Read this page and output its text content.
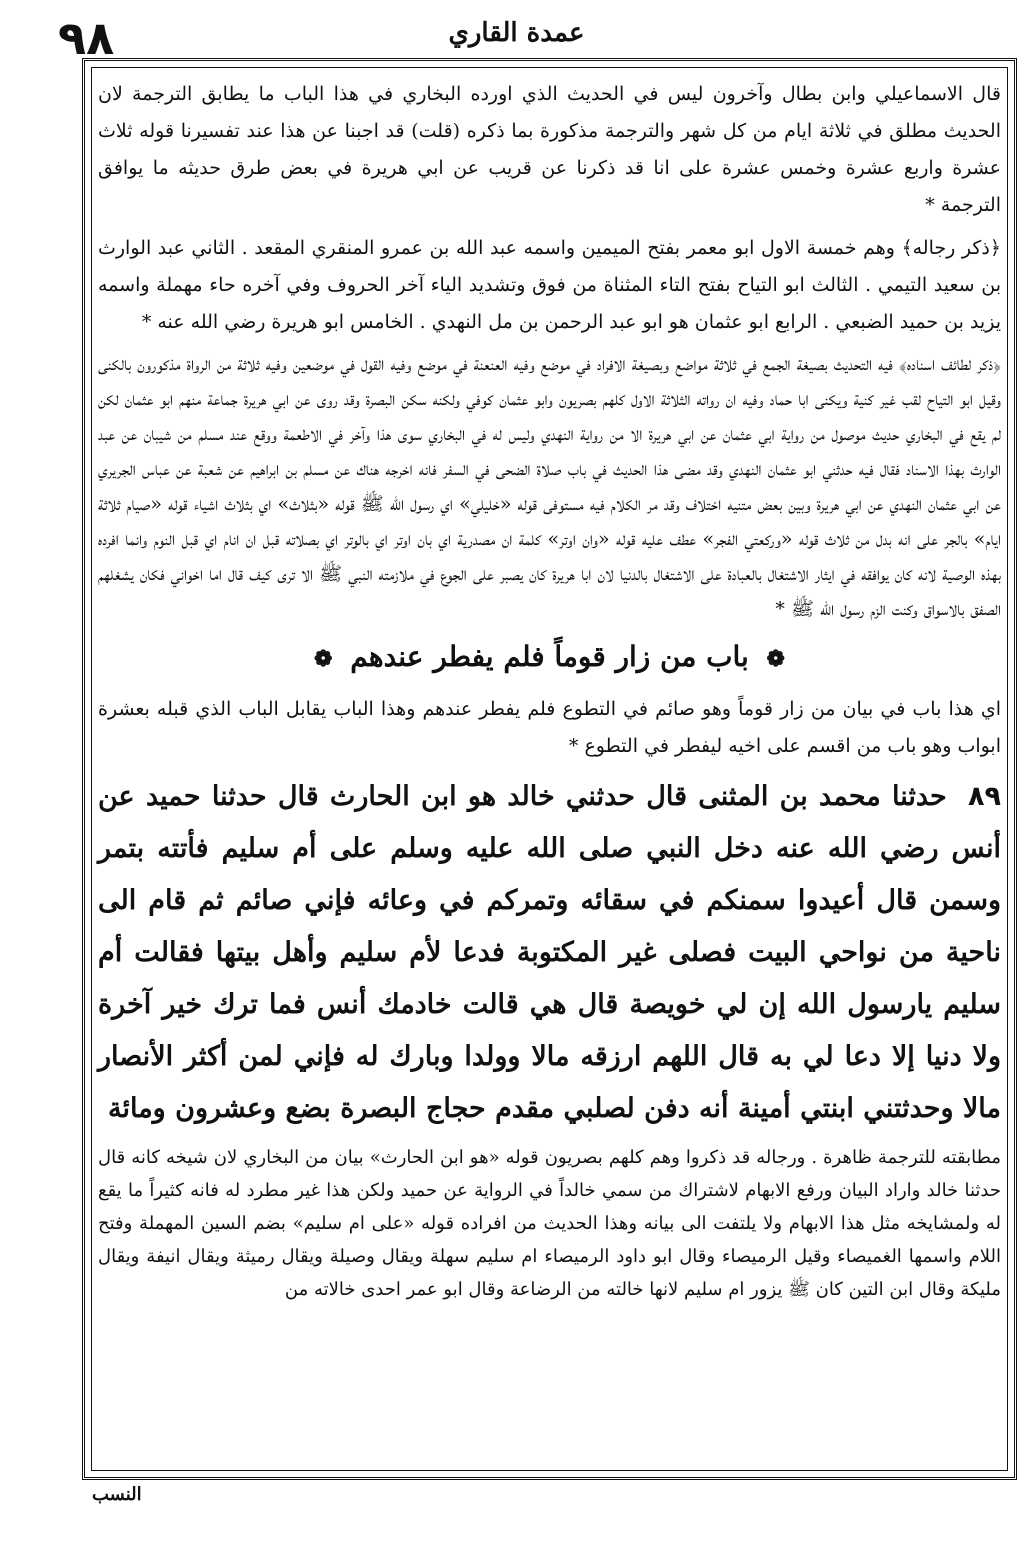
٩٨	عمدة القاري

قال الاسماعيلي وابن بطال وآخرون ليس في الحديث الذي اورده البخاري في هذا الباب ما يطابق الترجمة لان الحديث مطلق في ثلاثة ايام من كل شهر والترجمة مذكورة بما ذكره (قلت) قد اجبنا عن هذا عند تفسيرنا قوله ثلاث عشرة واربع عشرة وخمس عشرة على انا قد ذكرنا عن قريب عن ابي هريرة في بعض طرق حديثه ما يوافق الترجمة *

﴿ذكر رجاله﴾ وهم خمسة الاول ابو معمر بفتح الميمين واسمه عبد الله بن عمرو المنقري المقعد . الثاني عبد الوارث بن سعيد التيمي . الثالث ابو التياح بفتح التاء المثناة من فوق وتشديد الياء آخر الحروف وفي آخره حاء مهملة واسمه يزيد بن حميد الضبعي . الرابع ابو عثمان هو ابو عبد الرحمن بن مل النهدي . الخامس ابو هريرة رضي الله عنه *

﴿ذكر لطائف اسناده﴾ فيه التحديث بصيغة الجمع في ثلاثة مواضع وبصيغة الافراد في موضع وفيه العنعنة في موضع وفيه القول في موضعين وفيه ثلاثة من الرواة مذكورون بالكنى وقيل ابو التياح لقب غير كنية ويكنى ابا حماد وفيه ان رواته الثلاثة الاول كلهم بصريون وابو عثمان كوفي ولكنه سكن البصرة وقد روى عن ابي هريرة جماعة منهم ابو عثمان لكن لم يقع في البخاري حديث موصول من رواية ابي عثمان عن ابي هريرة الا من رواية النهدي وليس له في البخاري سوى هذا وآخر في الاطعمة ووقع عند مسلم من شيبان عن عبد الوارث بهذا الاسناد فقال فيه حدثني ابو عثمان النهدي وقد مضى هذا الحديث في باب صلاة الضحى في السفر فانه اخرجه هناك عن مسلم بن ابراهيم عن شعبة عن عباس الجريري عن ابي عثمان النهدي عن ابي هريرة وبين بعض متنيه اختلاف وقد مر الكلام فيه مستوفى قوله «خليلي» اي رسول الله ﷺ قوله «بثلاث» اي بثلاث اشياء قوله «صيام ثلاثة ايام» بالجر على انه بدل من ثلاث قوله «وركعتي الفجر» عطف عليه قوله «وان اوتر» كلمة ان مصدرية اي بان اوتر اي بالوتر اي بصلاته قبل ان انام اي قبل النوم وانما افرده بهذه الوصية لانه كان يوافقه في ايثار الاشتغال بالعبادة على الاشتغال بالدنيا لان ابا هريرة كان يصبر على الجوع في ملازمته النبي ﷺ الا ترى كيف قال اما اخواني فكان يشغلهم الصفق بالاسواق وكنت الزم رسول الله ﷺ *

❁ باب من زار قوماً فلم يفطر عندهم ❁

اي هذا باب في بيان من زار قوماً وهو صائم في التطوع فلم يفطر عندهم وهذا الباب يقابل الباب الذي قبله بعشرة ابواب وهو باب من اقسم على اخيه ليفطر في التطوع *

٨٩ حدثنا محمد بن المثنى قال حدثني خالد هو ابن الحارث قال حدثنا حميد عن أنس رضي الله عنه دخل النبي صلى الله عليه وسلم على أم سليم فأتته بتمر وسمن قال أعيدوا سمنكم في سقائه وتمركم في وعائه فإني صائم ثم قام الى ناحية من نواحي البيت فصلى غير المكتوبة فدعا لأم سليم وأهل بيتها فقالت أم سليم يارسول الله إن لي خويصة قال هي قالت خادمك أنس فما ترك خير آخرة ولا دنيا إلا دعا لي به قال اللهم ارزقه مالا وولدا وبارك له فإني لمن أكثر الأنصار مالا وحدثتني ابنتي أمينة أنه دفن لصلبي مقدم حجاج البصرة بضع وعشرون ومائة

مطابقته للترجمة ظاهرة . ورجاله قد ذكروا وهم كلهم بصريون قوله «هو ابن الحارث» بيان من البخاري لان شيخه كانه قال حدثنا خالد واراد البيان ورفع الابهام لاشتراك من سمي خالداً في الرواية عن حميد ولكن هذا غير مطرد له فانه كثيراً ما يقع له ولمشايخه مثل هذا الابهام ولا يلتفت الى بيانه وهذا الحديث من افراده قوله «على ام سليم» بضم السين المهملة وفتح اللام واسمها الغميصاء وقيل الرميصاء وقال ابو داود الرميصاء ام سليم سهلة ويقال وصيلة ويقال رميثة ويقال انيفة ويقال مليكة وقال ابن التين كان ﷺ يزور ام سليم لانها خالته من الرضاعة وقال ابو عمر احدى خالاته من

النسب
